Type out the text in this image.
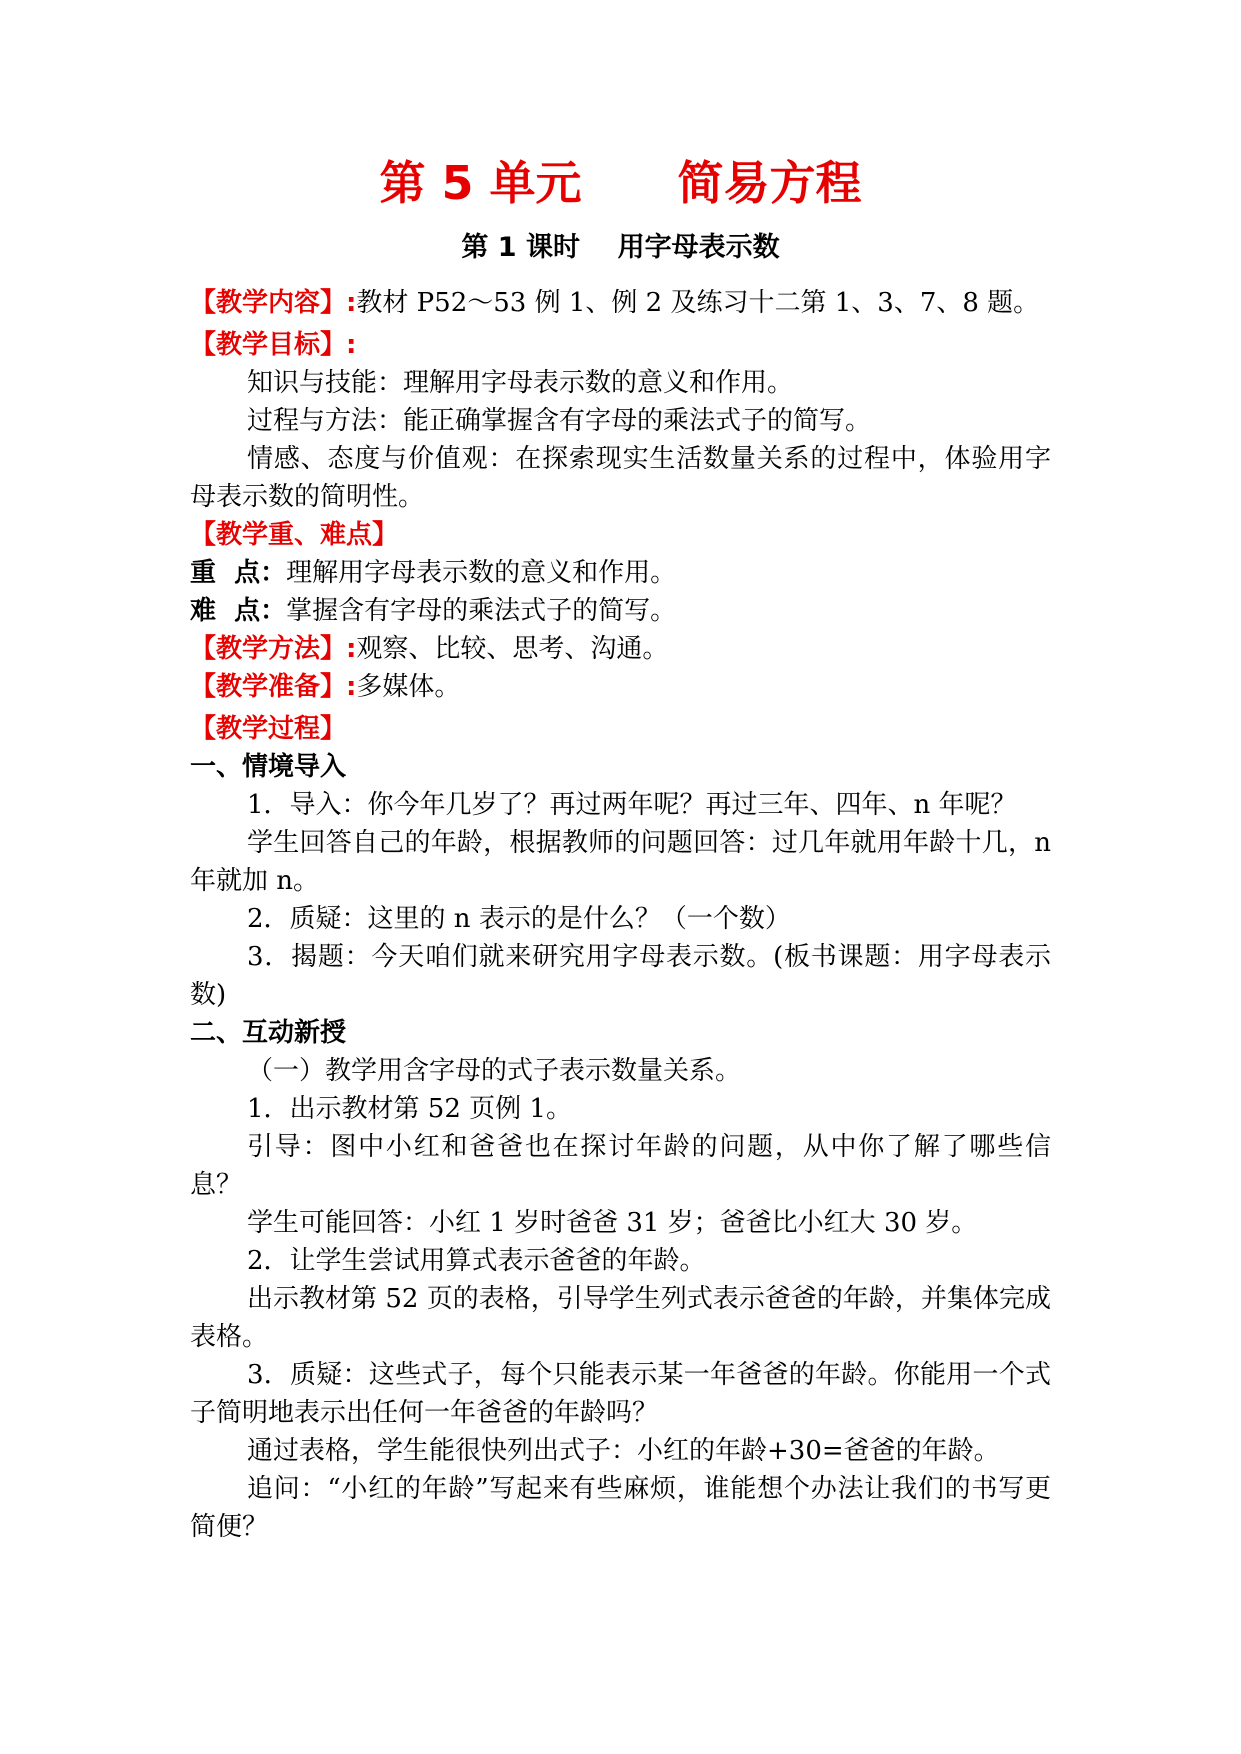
第 5 单元      简易方程
第 1 课时    用字母表示数

【教学内容】:教材 P52～53 例 1、例 2 及练习十二第 1、3、7、8 题。

【教学目标】:

知识与技能：理解用字母表示数的意义和作用。

过程与方法：能正确掌握含有字母的乘法式子的简写。

情感、态度与价值观：在探索现实生活数量关系的过程中，体验用字母表示数的简明性。

【教学重、难点】

重  点：理解用字母表示数的意义和作用。

难  点：掌握含有字母的乘法式子的简写。

【教学方法】:观察、比较、思考、沟通。

【教学准备】:多媒体。

【教学过程】

一、情境导入

1．导入：你今年几岁了？再过两年呢？再过三年、四年、n 年呢？

学生回答自己的年龄，根据教师的问题回答：过几年就用年龄十几，n 年就加 n。

2．质疑：这里的 n 表示的是什么？（一个数）

3．揭题：今天咱们就来研究用字母表示数。(板书课题：用字母表示数)

二、互动新授

（一）教学用含字母的式子表示数量关系。

1．出示教材第 52 页例 1。

引导：图中小红和爸爸也在探讨年龄的问题，从中你了解了哪些信息？

学生可能回答：小红 1 岁时爸爸 31 岁；爸爸比小红大 30 岁。

2．让学生尝试用算式表示爸爸的年龄。

出示教材第 52 页的表格，引导学生列式表示爸爸的年龄，并集体完成表格。

3．质疑：这些式子，每个只能表示某一年爸爸的年龄。你能用一个式子简明地表示出任何一年爸爸的年龄吗？

通过表格，学生能很快列出式子：小红的年龄+30=爸爸的年龄。

追问：“小红的年龄”写起来有些麻烦，谁能想个办法让我们的书写更简便？
